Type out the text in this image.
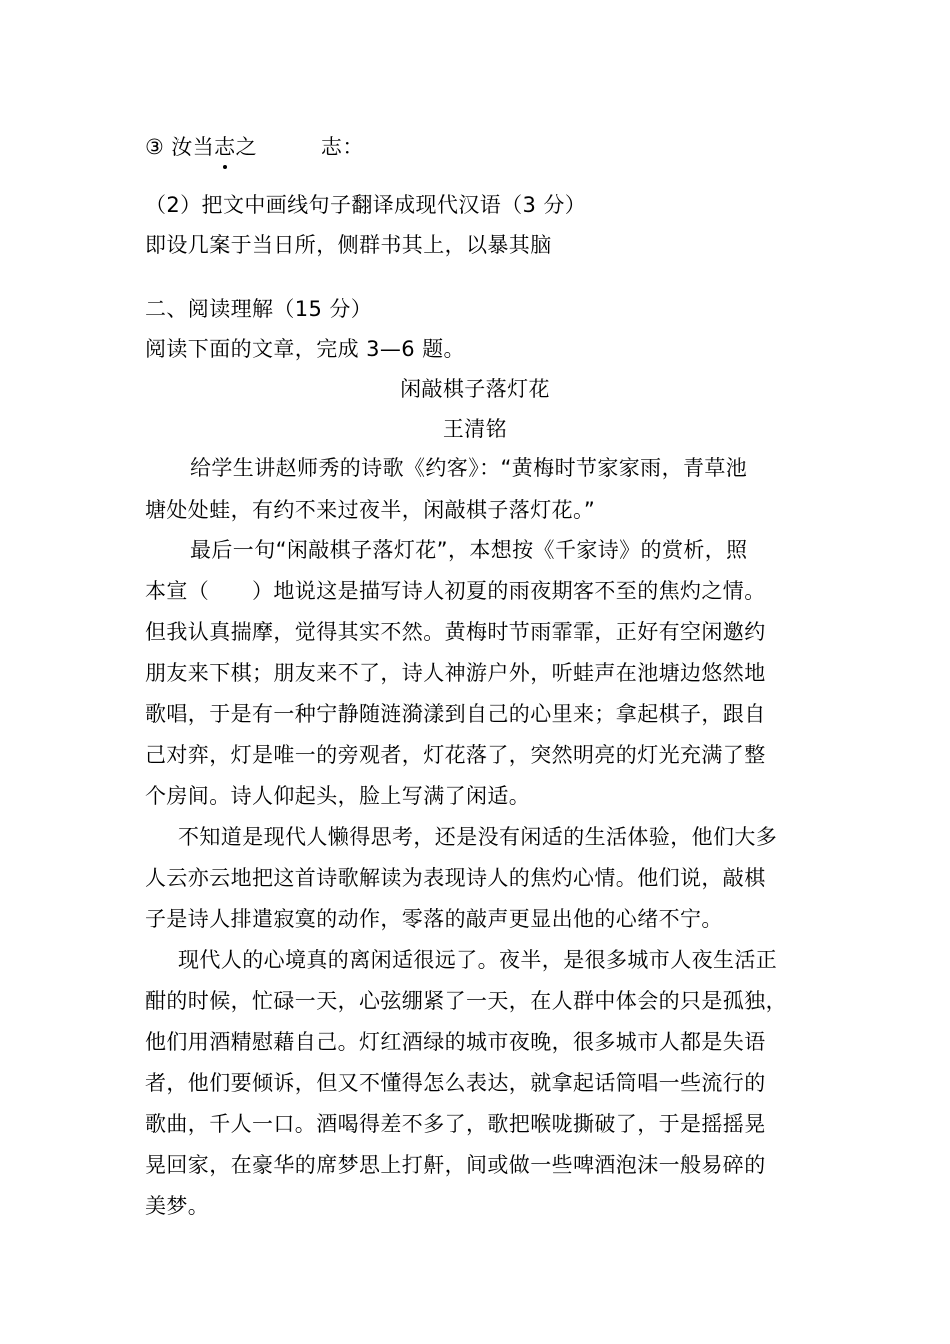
③ 汝当志之	志：
（2）把文中画线句子翻译成现代汉语（3 分）
即设几案于当日所，侧群书其上，以暴其脑
二、阅读理解（15 分）
阅读下面的文章，完成 3—6 题。
闲敲棋子落灯花
王清铭
给学生讲赵师秀的诗歌《约客》：“黄梅时节家家雨，青草池
塘处处蛙，有约不来过夜半，闲敲棋子落灯花。”
最后一句“闲敲棋子落灯花”，本想按《千家诗》的赏析，照
本宣（　　）地说这是描写诗人初夏的雨夜期客不至的焦灼之情。
但我认真揣摩，觉得其实不然。黄梅时节雨霏霏，正好有空闲邀约
朋友来下棋；朋友来不了，诗人神游户外，听蛙声在池塘边悠然地
歌唱，于是有一种宁静随涟漪漾到自己的心里来；拿起棋子，跟自
己对弈，灯是唯一的旁观者，灯花落了，突然明亮的灯光充满了整
个房间。诗人仰起头，脸上写满了闲适。
不知道是现代人懒得思考，还是没有闲适的生活体验，他们大多
人云亦云地把这首诗歌解读为表现诗人的焦灼心情。他们说，敲棋
子是诗人排遣寂寞的动作，零落的敲声更显出他的心绪不宁。
现代人的心境真的离闲适很远了。夜半，是很多城市人夜生活正
酣的时候，忙碌一天，心弦绷紧了一天，在人群中体会的只是孤独，
他们用酒精慰藉自己。灯红酒绿的城市夜晚，很多城市人都是失语
者，他们要倾诉，但又不懂得怎么表达，就拿起话筒唱一些流行的
歌曲，千人一口。酒喝得差不多了，歌把喉咙撕破了，于是摇摇晃
晃回家，在豪华的席梦思上打鼾，间或做一些啤酒泡沫一般易碎的
美梦。
